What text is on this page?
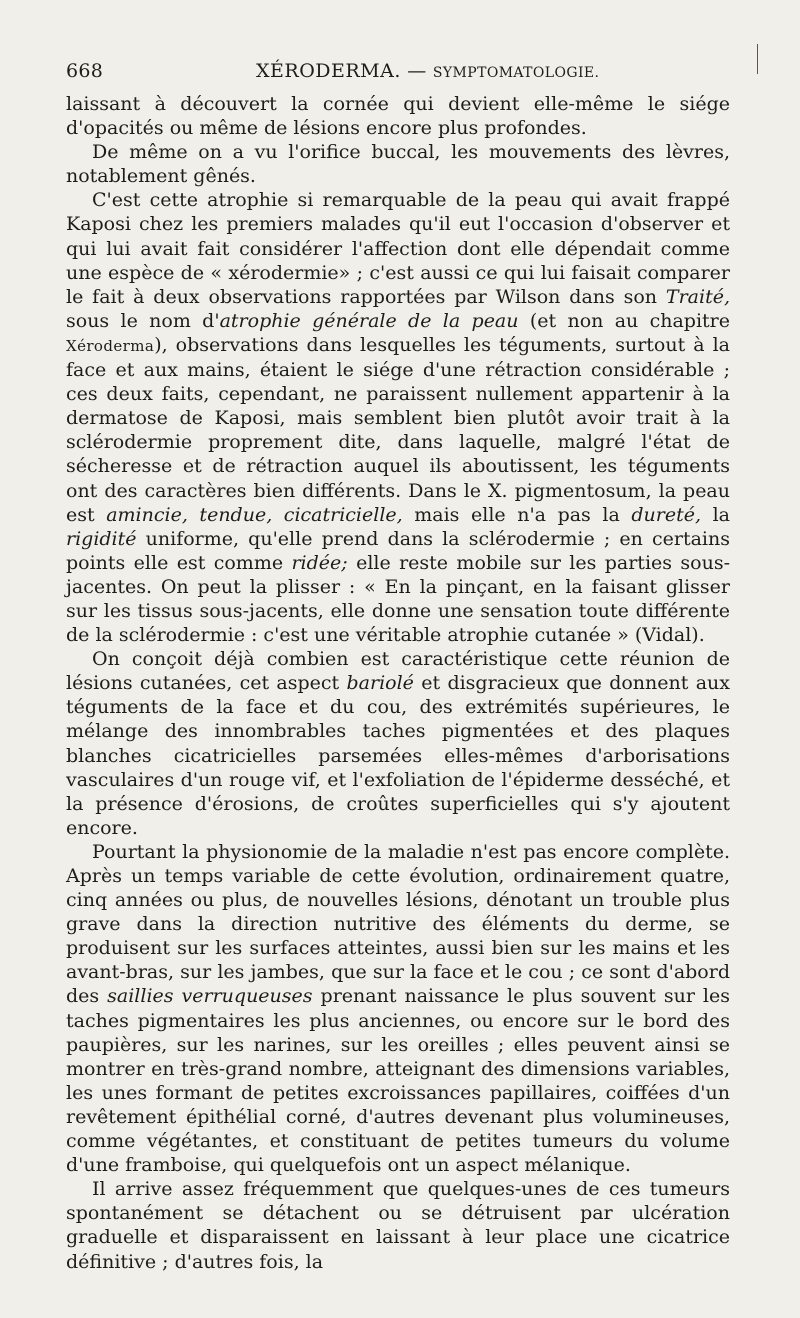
668	XÉRODERMA. — SYMPTOMATOLOGIE.

laissant à découvert la cornée qui devient elle-même le siége d'opacités ou même de lésions encore plus profondes.

De même on a vu l'orifice buccal, les mouvements des lèvres, notablement gênés.

C'est cette atrophie si remarquable de la peau qui avait frappé Kaposi chez les premiers malades qu'il eut l'occasion d'observer et qui lui avait fait considérer l'affection dont elle dépendait comme une espèce de « xérodermie» ; c'est aussi ce qui lui faisait comparer le fait à deux observations rapportées par Wilson dans son Traité, sous le nom d'atrophie générale de la peau (et non au chapitre Xéroderma), observations dans lesquelles les téguments, surtout à la face et aux mains, étaient le siége d'une rétraction considérable ; ces deux faits, cependant, ne paraissent nullement appartenir à la dermatose de Kaposi, mais semblent bien plutôt avoir trait à la sclérodermie proprement dite, dans laquelle, malgré l'état de sécheresse et de rétraction auquel ils aboutissent, les téguments ont des caractères bien différents. Dans le X. pigmentosum, la peau est amincie, tendue, cicatricielle, mais elle n'a pas la dureté, la rigidité uniforme, qu'elle prend dans la sclérodermie ; en certains points elle est comme ridée; elle reste mobile sur les parties sous-jacentes. On peut la plisser : « En la pinçant, en la faisant glisser sur les tissus sous-jacents, elle donne une sensation toute différente de la sclérodermie : c'est une véritable atrophie cutanée » (Vidal).

On conçoit déjà combien est caractéristique cette réunion de lésions cutanées, cet aspect bariolé et disgracieux que donnent aux téguments de la face et du cou, des extrémités supérieures, le mélange des innombrables taches pigmentées et des plaques blanches cicatricielles parsemées elles-mêmes d'arborisations vasculaires d'un rouge vif, et l'exfoliation de l'épiderme desséché, et la présence d'érosions, de croûtes superficielles qui s'y ajoutent encore.

Pourtant la physionomie de la maladie n'est pas encore complète. Après un temps variable de cette évolution, ordinairement quatre, cinq années ou plus, de nouvelles lésions, dénotant un trouble plus grave dans la direction nutritive des éléments du derme, se produisent sur les surfaces atteintes, aussi bien sur les mains et les avant-bras, sur les jambes, que sur la face et le cou ; ce sont d'abord des saillies verruqueuses prenant naissance le plus souvent sur les taches pigmentaires les plus anciennes, ou encore sur le bord des paupières, sur les narines, sur les oreilles ; elles peuvent ainsi se montrer en très-grand nombre, atteignant des dimensions variables, les unes formant de petites excroissances papillaires, coiffées d'un revêtement épithélial corné, d'autres devenant plus volumineuses, comme végétantes, et constituant de petites tumeurs du volume d'une framboise, qui quelquefois ont un aspect mélanique.

Il arrive assez fréquemment que quelques-unes de ces tumeurs spontanément se détachent ou se détruisent par ulcération graduelle et disparaissent en laissant à leur place une cicatrice définitive ; d'autres fois, la
